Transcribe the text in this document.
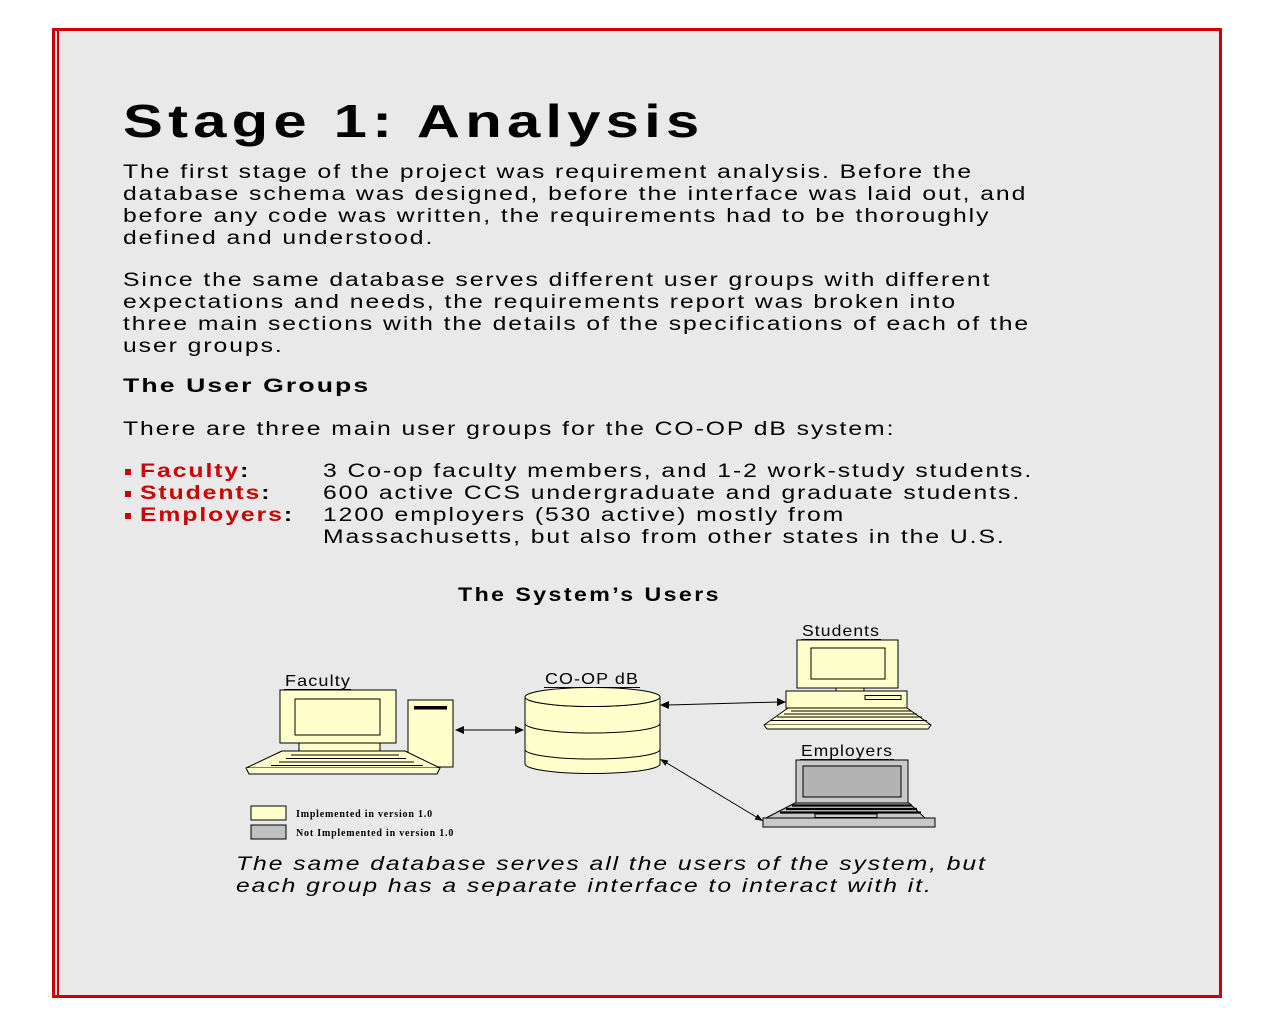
Stage 1: Analysis
The first stage of the project was requirement analysis. Before the
database schema was designed, before the interface was laid out, and
before any code was written, the requirements had to be thoroughly
defined and understood.
Since the same database serves different user groups with different
expectations and needs, the requirements report was broken into
three main sections with the details of the specifications of each of the
user groups.
The User Groups
There are three main user groups for the CO-OP dB system:
Faculty:	3 Co-op faculty members, and 1-2 work-study students.
Students:	600 active CCS undergraduate and graduate students.
Employers: 1200 employers (530 active) mostly from
Massachusetts, but also from other states in the U.S.
The System’s Users
Faculty	CO-OP dB
Students
Employers
Implemented in version 1.0
Not Implemented in version 1.0
The same database serves all the users of the system, but
each group has a separate interface to interact with it.
